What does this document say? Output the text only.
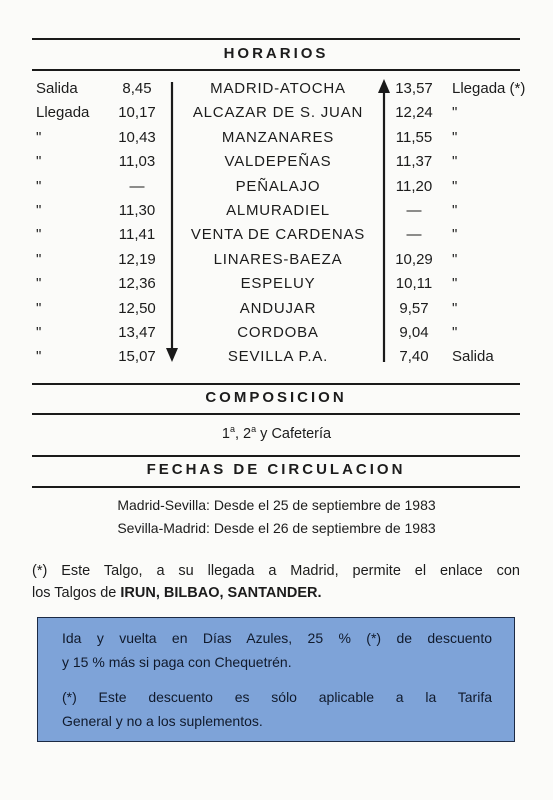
HORARIOS
Salida	8,45	MADRID-ATOCHA	13,57	Llegada (*)
Llegada 10,17	ALCAZAR DE S. JUAN	12,24	"
"	10,43	MANZANARES	11,55	"
"	11,03	VALDEPEÑAS	11,37	"
"	—	PEÑALAJO	11,20	"
"	11,30	ALMURADIEL	—	"
"	11,41	VENTA DE CARDENAS	—	"
"	12,19	LINARES-BAEZA	10,29	"
"	12,36	ESPELUY	10,11	"
"	12,50	ANDUJAR	9,57	"
"	13,47	CORDOBA	9,04	"
"	15,07	SEVILLA P.A.	7,40	Salida
COMPOSICION
1$^a$, 2$^a$ y Cafetería
FECHAS DE CIRCULACION
Madrid-Sevilla: Desde el 25 de septiembre de 1983
Sevilla-Madrid: Desde el 26 de septiembre de 1983
(*) Este Talgo, a su llegada a Madrid, permite el enlace con
los Talgos de IRUN, BILBAO, SANTANDER.

Ida y vuelta en Días Azules, 25 % (*) de descuento
y 15 % más si paga con Chequetrén.

(*) Este descuento es sólo aplicable a la Tarifa
General y no a los suplementos.
